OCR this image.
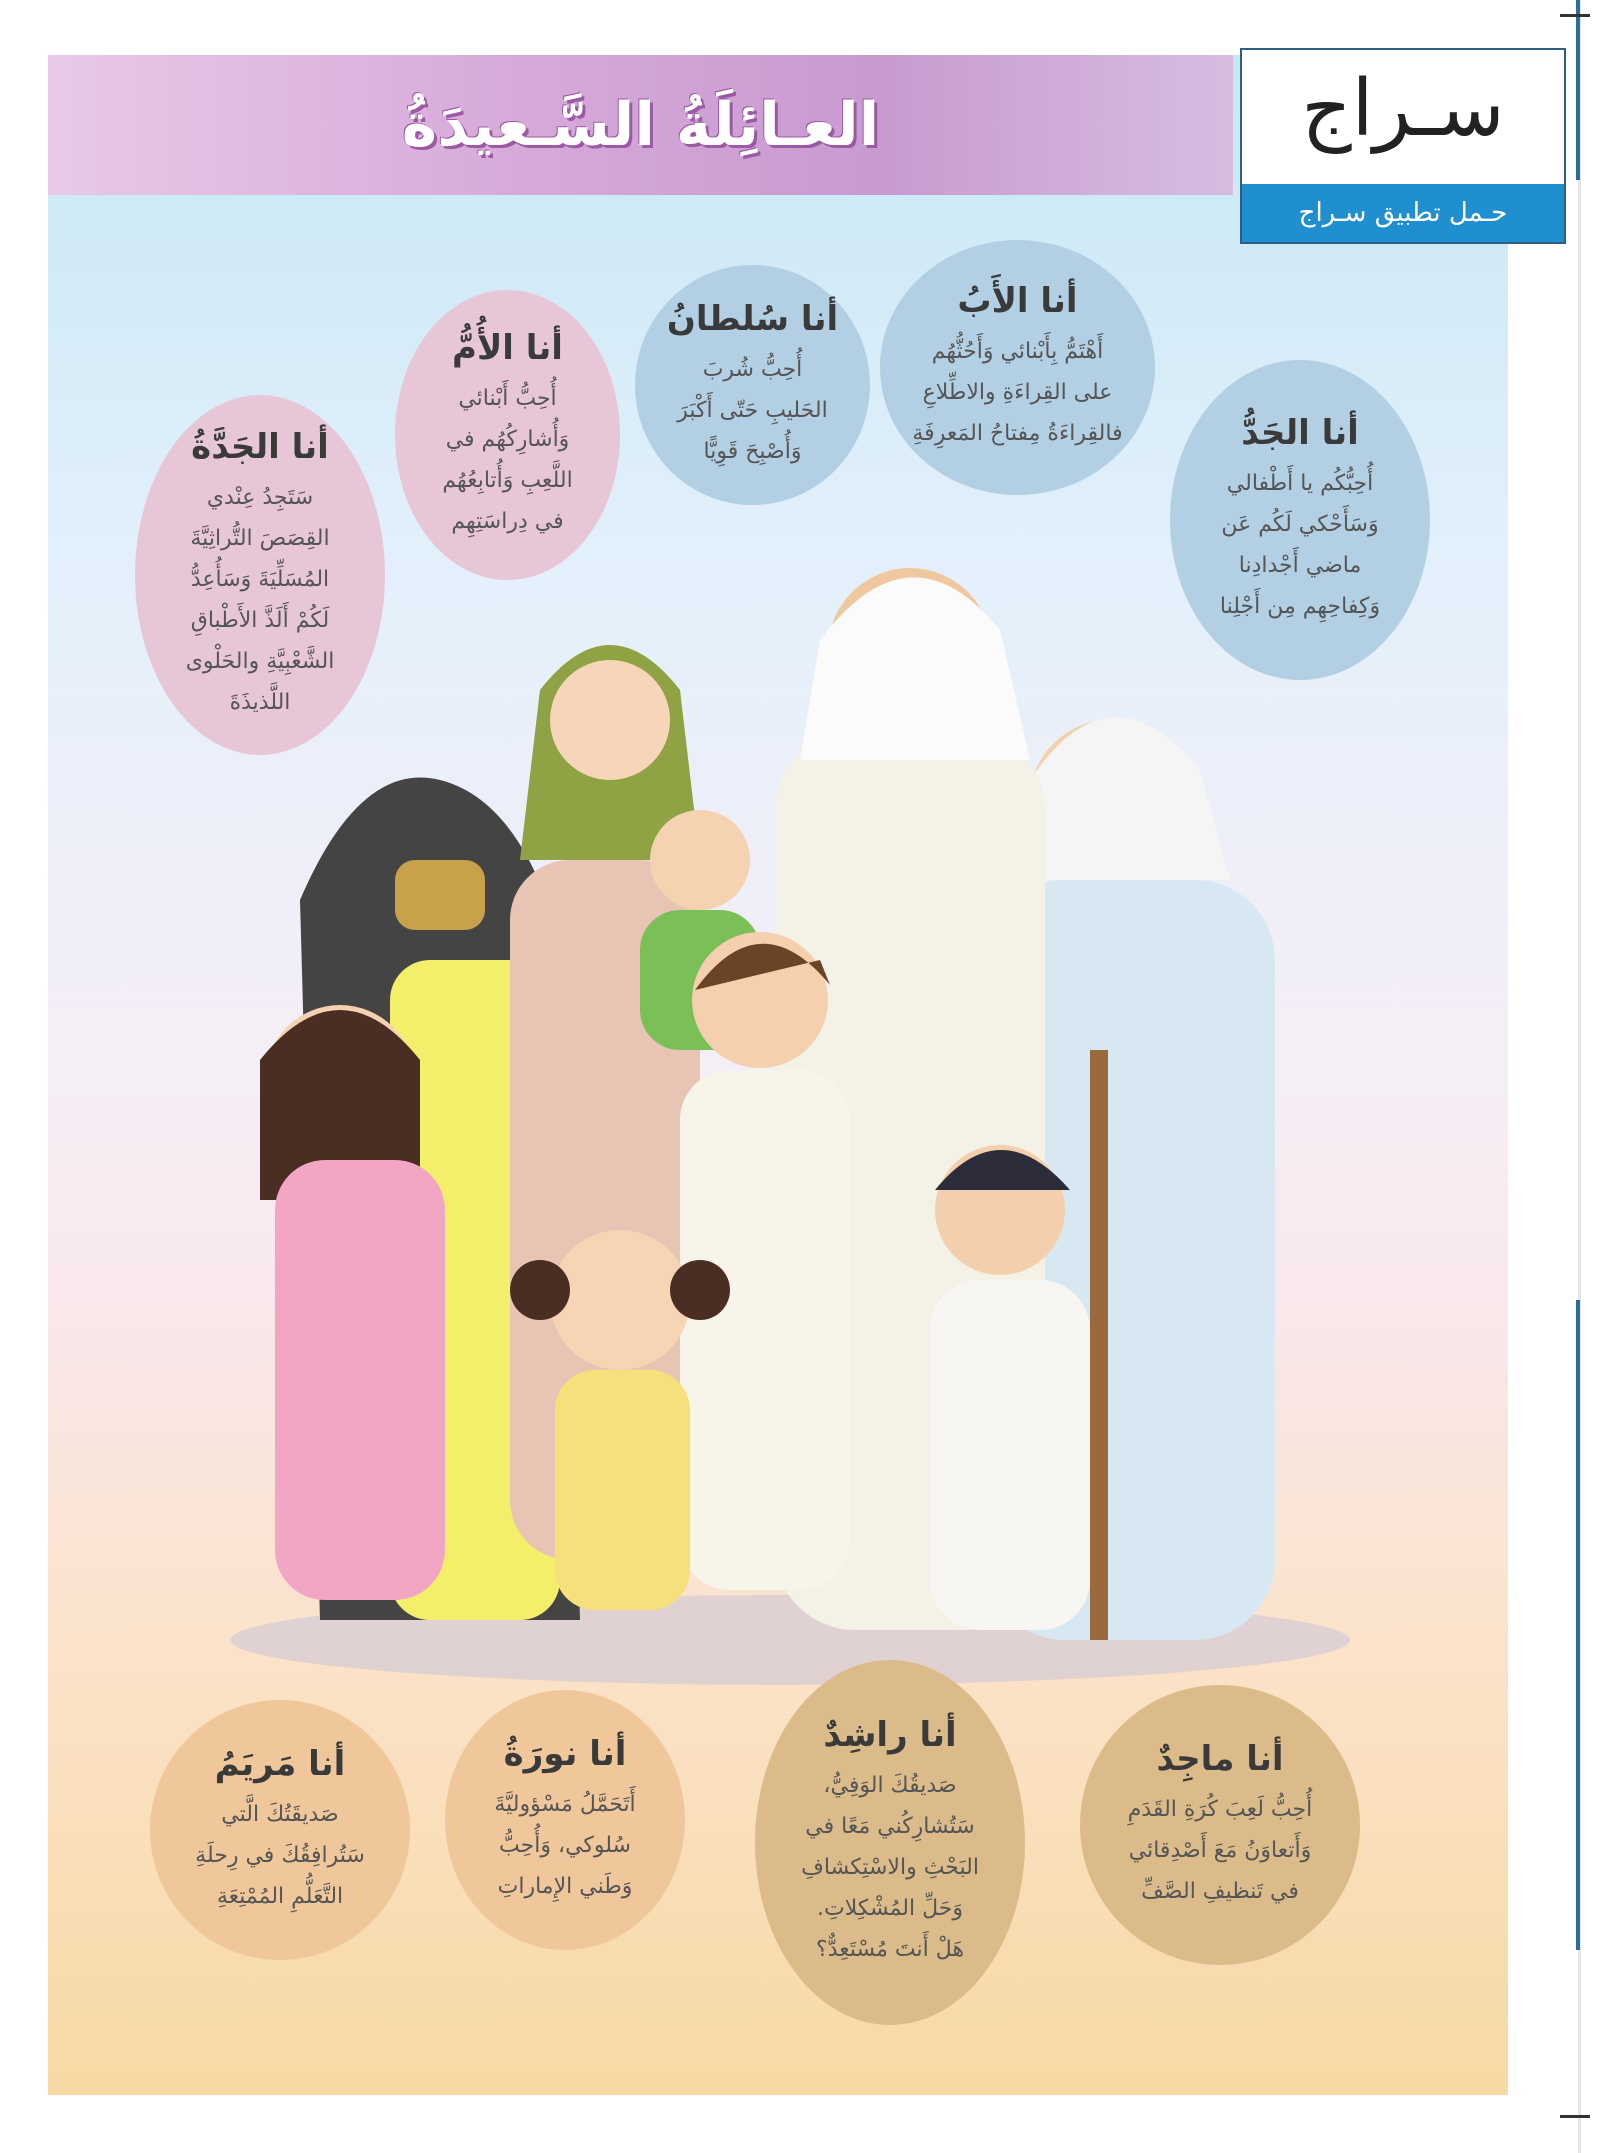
العـائِلَةُ السَّـعيدَةُ	سـراج
حـمل تطبيق سـراج
أنا الجَدَّةُ
سَتَجِدُ عِنْدي
القِصَصَ التُّراثِيَّةَ
المُسَلِّيَةَ وَسَأُعِدُّ
لَكُمْ أَلَذَّ الأَطْباقِ
الشَّعْبِيَّةِ والحَلْوى
اللَّذيذَةَ
أنا الأُمُّ
أُحِبُّ أَبْنائي
وَأُشارِكُهُم في
اللَّعِبِ وَأُتابِعُهُم
في دِراسَتِهِم
أنا سُلطانُ
أُحِبُّ شُربَ
الحَليبِ حَتّى أَكْبَرَ
وَأُصْبِحَ قَوِيًّا
أنا الأَبُ
أَهْتَمُّ بِأَبْنائي وَأَحُثُّهُم
على القِراءَةِ والاطِّلاعِ
فالقِراءَةُ مِفتاحُ المَعرِفَةِ	أنا الجَدُّ
أُحِبُّكُم يا أَطْفالي
وَسَأَحْكي لَكُم عَن
ماضي أَجْدادِنا
وَكِفاحِهِم مِن أَجْلِنا
أنا مَريَمُ
صَديقَتُكَ الَّتي
سَتُرافِقُكَ في رِحلَةِ
التَّعَلُّمِ المُمْتِعَةِ
أنا نورَةُ
أَتَحَمَّلُ مَسْؤوليَّةَ
سُلوكي، وَأُحِبُّ
وَطَني الإِماراتِ
أنا راشِدٌ
صَديقُكَ الوَفِيُّ،
سَتُشارِكُني مَعًا في
البَحْثِ والاسْتِكشافِ
وَحَلِّ المُشْكِلاتِ.
هَلْ أَنتَ مُسْتَعِدٌّ؟
أنا ماجِدٌ
أُحِبُّ لَعِبَ كُرَةِ القَدَمِ
وَأَتعاوَنُ مَعَ أَصْدِقائي
في تَنظيفِ الصَّفِّ
